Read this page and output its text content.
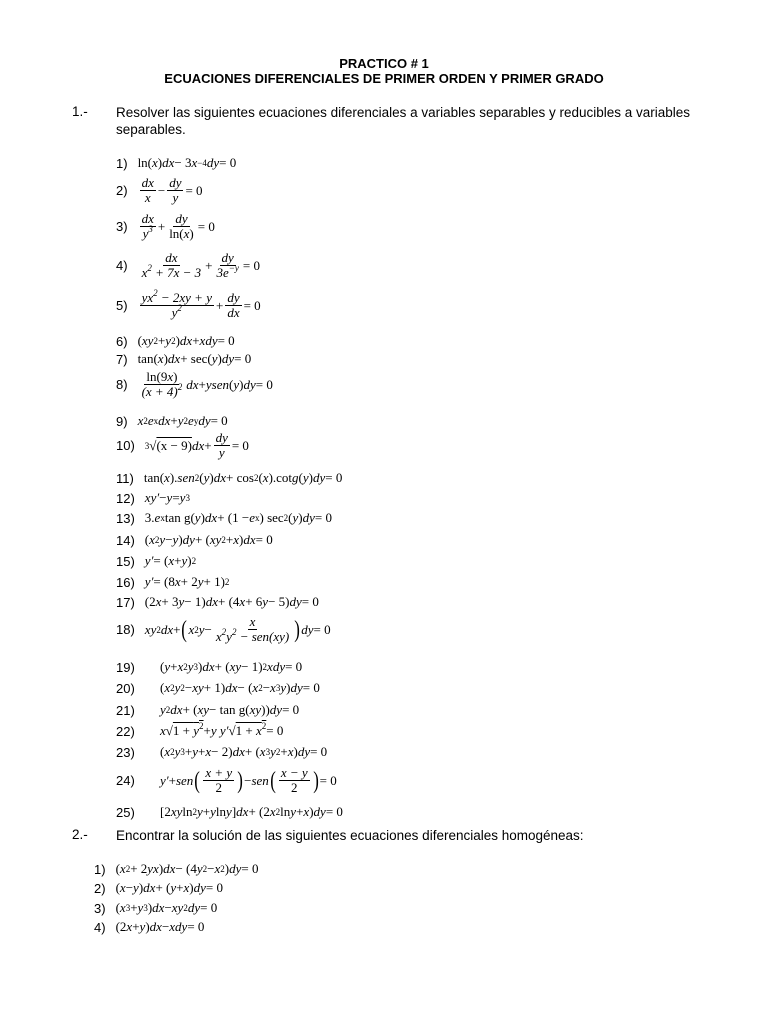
PRACTICO # 1
ECUACIONES DIFERENCIALES DE PRIMER ORDEN Y PRIMER GRADO
1.- Resolver las siguientes ecuaciones diferenciales a variables separables y reducibles a variables separables.
1) ln( x ) dx − 3 x −4 dy = 0
$2) \frac{dx}{x} - \frac{dy}{y} = 0$
$3) \frac{dx}{y^3} + \frac{dy}{\ln(x)} = 0$
$4) \frac{dx}{x^2 + 7x - 3} + \frac{dy}{3e^{-y}} = 0$
$5) \frac{yx^2 - 2xy + y}{y^2} + \frac{dy}{dx} = 0$
6) ( xy 2 + y 2 ) dx + xdy = 0
7) tan( x ) dx + sec( y ) dy = 0
$8) \frac{\ln(9x)}{(x + 4)^2}$ dx + ysen ( y ) dy = 0
9) x 2 e x dx + y 2 e y dy = 0
10) 3 √ (x − 9) dx + $\frac{dy}{y} = 0$
11) tan( x ). sen 2 ( y ) dx + cos 2 ( x ).cot g ( y ) dy = 0
12) xy′ − y = y 3
13) 3. e x tan g( y ) dx + (1 − e x ) sec 2 ( y ) dy = 0
14) ( x 2 y − y ) dy + ( xy 2 + x ) dx = 0
15) y′ = ( x + y ) 2
16) y′ = (8 x + 2 y + 1) 2
17) (2 x + 3 y − 1) dx + (4 x + 6 y − 5) dy = 0
18) xy 2 dx + ( x 2 $y - \frac{x}{x^2y^2 - sen(xy)}$ ) dy = 0
19)	( y + x 2 y 3 ) dx + ( xy − 1) 2 xdy = 0
20)	( x 2 y 2 − xy + 1) dx − ( x 2 − x 3 y ) dy = 0
21)	y 2 dx + ( xy − tan g( xy )) dy = 0
22)	x √ $1 + y^2 + y$ y′ √ $1 + x^2 = 0$
23)	( x 2 y 3 + y + x − 2) dx + ( x 3 y 2 + x ) dy = 0
24)	y′ + sen ( $\frac{x + y}{2}$ ) − sen ( $\frac{x - y}{2}$ ) = 0
25)	[2 xy ln 2 y + y ln y ] dx + (2 x 2 ln y + x ) dy = 0
2.- Encontrar la solución de las siguientes ecuaciones diferenciales homogéneas:
1) ( x 2 + 2 yx ) dx − (4 y 2 − x 2 ) dy = 0
2) ( x − y ) dx + ( y + x ) dy = 0
3) ( x 3 + y 3 ) dx − xy 2 dy = 0
4) (2 x + y ) dx − xdy = 0
